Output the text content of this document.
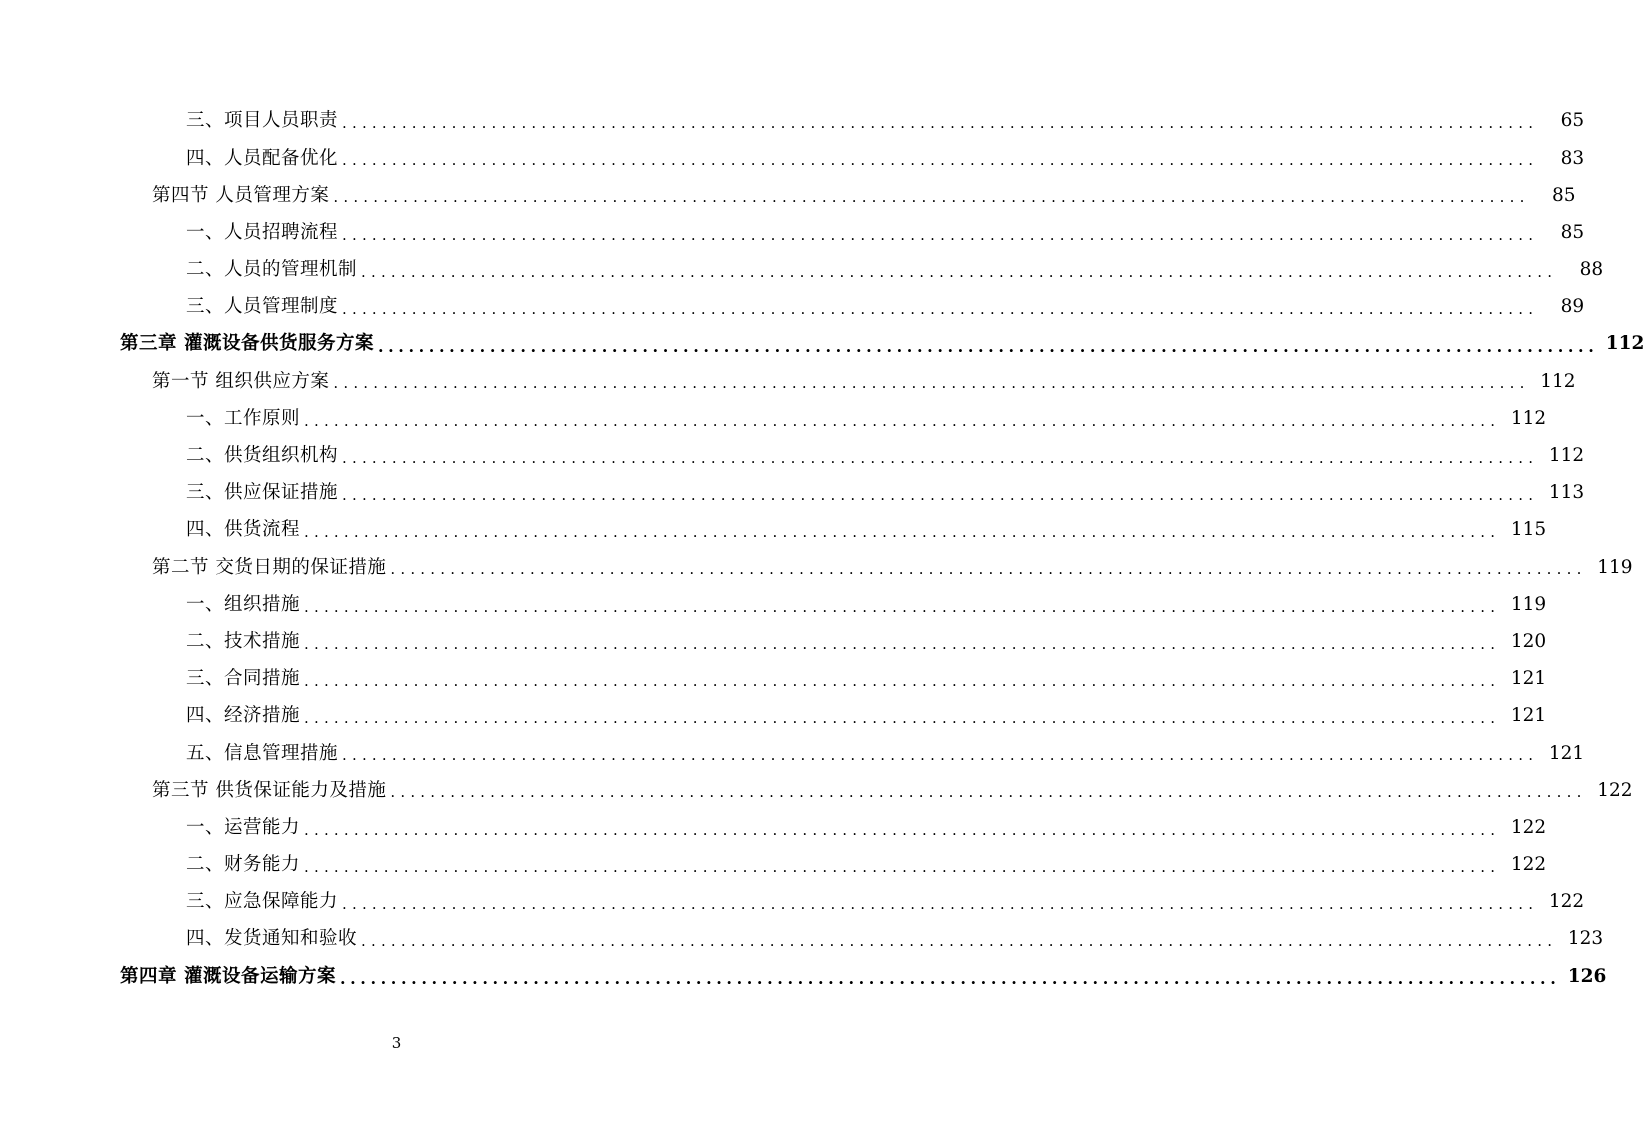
三、项目人员职责 ........................................................................................................................	65
四、人员配备优化 ........................................................................................................................	83
第四节 人员管理方案 ........................................................................................................................	85
一、人员招聘流程 ........................................................................................................................	85
二、人员的管理机制 ........................................................................................................................	88
三、人员管理制度 ........................................................................................................................	89
第三章 灌溉设备供货服务方案 ........................................................................................................................ 112
第一节 组织供应方案 ........................................................................................................................ 112
一、工作原则 ........................................................................................................................ 112
二、供货组织机构 ........................................................................................................................ 112
三、供应保证措施 ........................................................................................................................ 113
四、供货流程 ........................................................................................................................ 115
第二节 交货日期的保证措施 ........................................................................................................................ 119
一、组织措施 ........................................................................................................................ 119
二、技术措施 ........................................................................................................................ 120
三、合同措施 ........................................................................................................................ 121
四、经济措施 ........................................................................................................................ 121
五、信息管理措施 ........................................................................................................................ 121
第三节 供货保证能力及措施 ........................................................................................................................ 122
一、运营能力 ........................................................................................................................ 122
二、财务能力 ........................................................................................................................ 122
三、应急保障能力 ........................................................................................................................ 122
四、发货通知和验收 ........................................................................................................................ 123
第四章 灌溉设备运输方案 ........................................................................................................................ 126
3
